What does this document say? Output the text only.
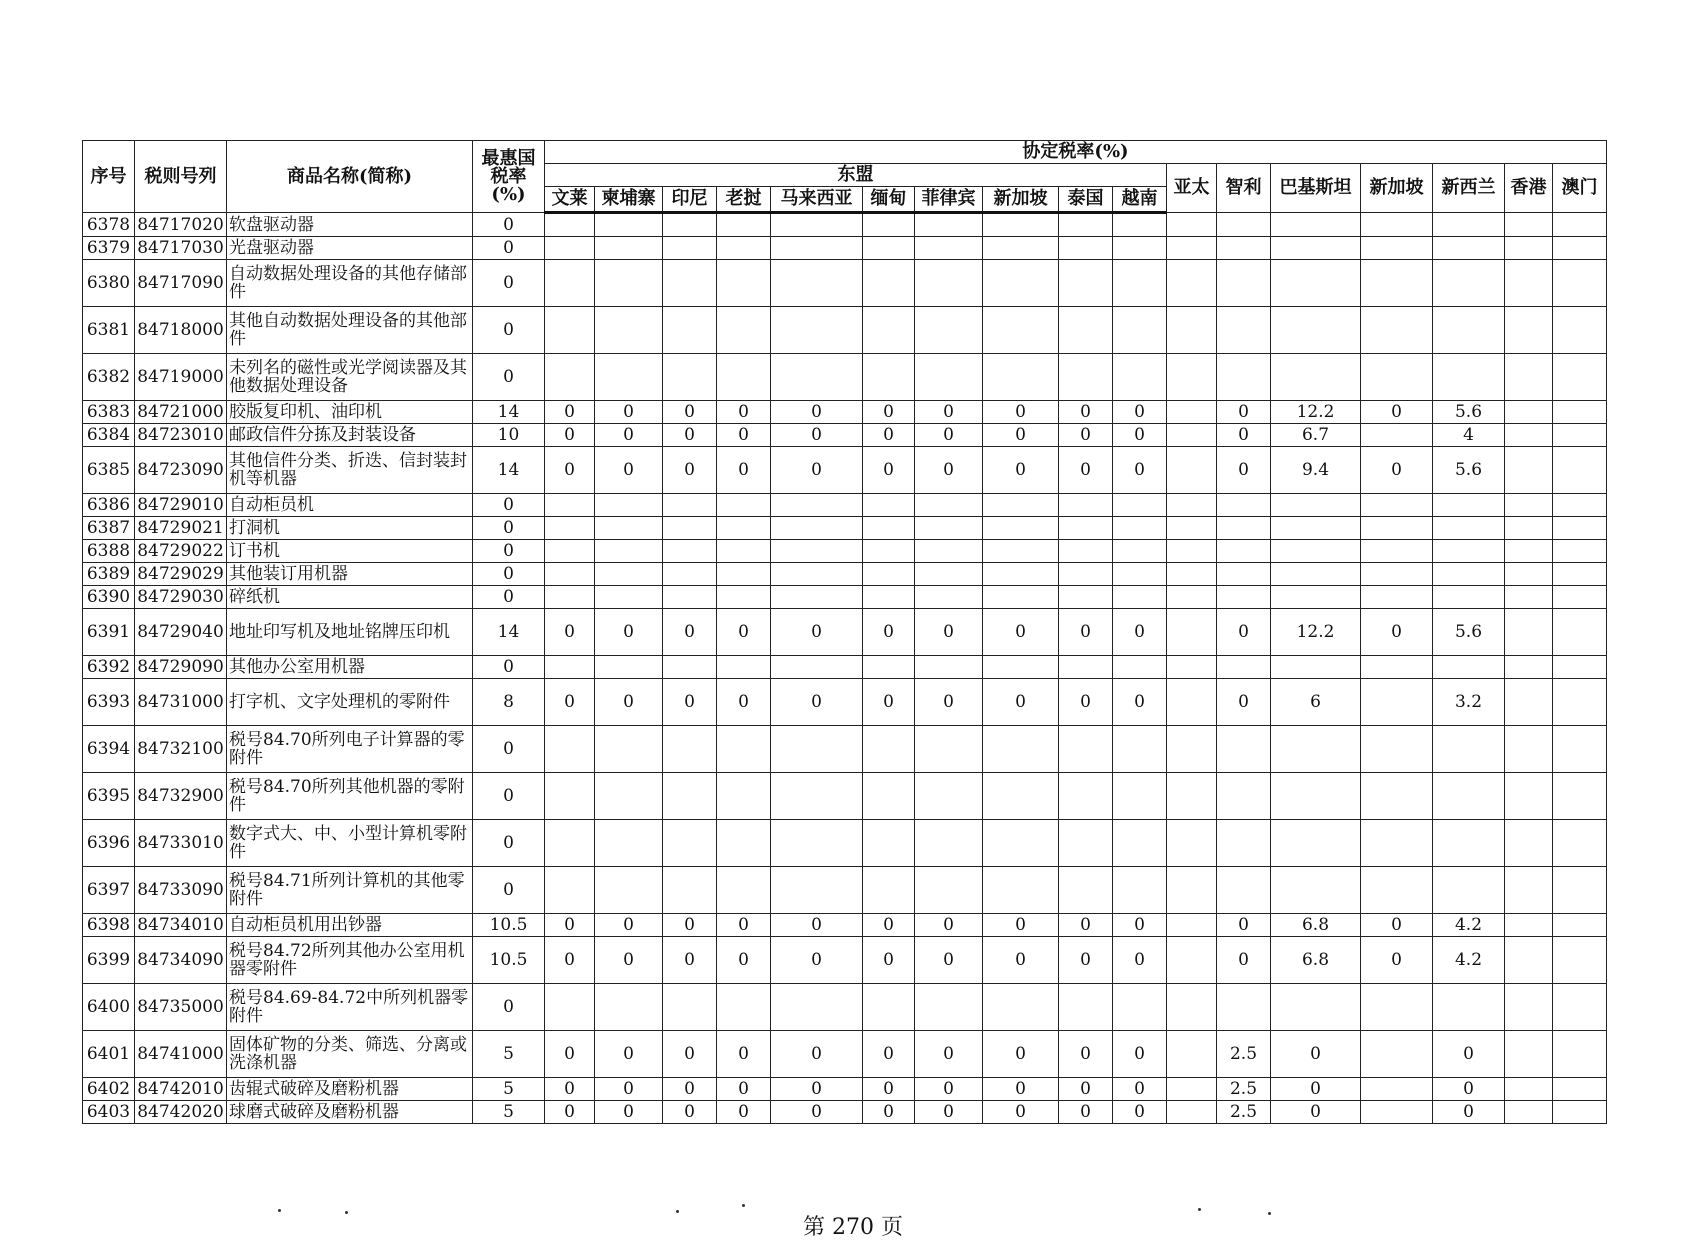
序号	税则号列	商品名称(简称)	最惠国税率(%)	协定税率(%)																
				东盟										亚太	智利	巴基斯坦	新加坡	新西兰	香港	澳门
				文莱	柬埔寨	印尼	老挝	马来西亚	缅甸	菲律宾	新加坡	泰国	越南							
6378	84717020	软盘驱动器	0																	
6379	84717030	光盘驱动器	0																	
6380	84717090	自动数据处理设备的其他存储部件	0																	
6381	84718000	其他自动数据处理设备的其他部件	0																	
6382	84719000	未列名的磁性或光学阅读器及其他数据处理设备	0																	
6383	84721000	胶版复印机、油印机	14	0	0	0	0	0	0	0	0	0	0		0	12.2	0	5.6		
6384	84723010	邮政信件分拣及封装设备	10	0	0	0	0	0	0	0	0	0	0		0	6.7		4		
6385	84723090	其他信件分类、折迭、信封装封机等机器	14	0	0	0	0	0	0	0	0	0	0		0	9.4	0	5.6		
6386	84729010	自动柜员机	0																	
6387	84729021	打洞机	0																	
6388	84729022	订书机	0																	
6389	84729029	其他装订用机器	0																	
6390	84729030	碎纸机	0																	
6391	84729040	地址印写机及地址铭牌压印机	14	0	0	0	0	0	0	0	0	0	0		0	12.2	0	5.6		
6392	84729090	其他办公室用机器	0																	
6393	84731000	打字机、文字处理机的零附件	8	0	0	0	0	0	0	0	0	0	0		0	6		3.2		
6394	84732100	税号84.70所列电子计算器的零附件	0																	
6395	84732900	税号84.70所列其他机器的零附件	0																	
6396	84733010	数字式大、中、小型计算机零附件	0																	
6397	84733090	税号84.71所列计算机的其他零附件	0																	
6398	84734010	自动柜员机用出钞器	10.5	0	0	0	0	0	0	0	0	0	0		0	6.8	0	4.2		
6399	84734090	税号84.72所列其他办公室用机器零附件	10.5	0	0	0	0	0	0	0	0	0	0		0	6.8	0	4.2		
6400	84735000	税号84.69-84.72中所列机器零附件	0																	
6401	84741000	固体矿物的分类、筛选、分离或洗涤机器	5	0	0	0	0	0	0	0	0	0	0		2.5	0		0		
6402	84742010	齿辊式破碎及磨粉机器	5	0	0	0	0	0	0	0	0	0	0		2.5	0		0		
6403	84742020	球磨式破碎及磨粉机器	5	0	0	0	0	0	0	0	0	0	0		2.5	0		0		
第 270 页
